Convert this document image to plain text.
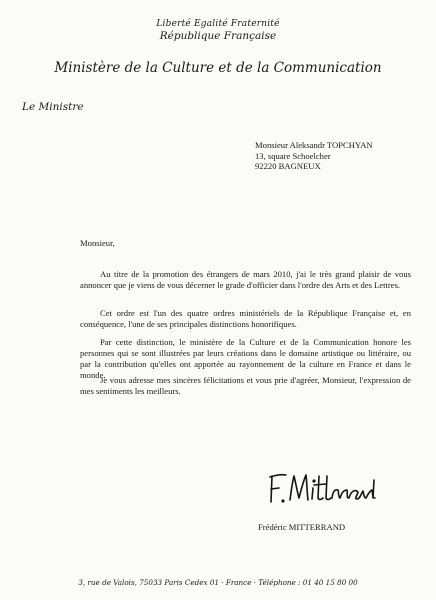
Liberté Egalité Fraternité
République Française
Ministère de la Culture et de la Communication
Le Ministre
Monsieur Aleksandr TOPCHYAN
13, square Schoelcher
92220 BAGNEUX
Monsieur,

Au titre de la promotion des étrangers de mars 2010, j'ai le très grand plaisir de vous annoncer que je viens de vous décerner le grade d'officier dans l'ordre des Arts et des Lettres.

Cet ordre est l'un des quatre ordres ministériels de la République Française et, en conséquence, l'une de ses principales distinctions honorifiques.

Par cette distinction, le ministère de la Culture et de la Communication honore les personnes qui se sont illustrées par leurs créations dans le domaine artistique ou littéraire, ou par la contribution qu'elles ont apportée au rayonnement de la culture en France et dans le monde.

Je vous adresse mes sincères félicitations et vous prie d'agréer, Monsieur, l'expression de mes sentiments les meilleurs.

Frédéric MITTERRAND
3, rue de Valois, 75033 Paris Cedex 01 · France · Téléphone : 01 40 15 80 00
